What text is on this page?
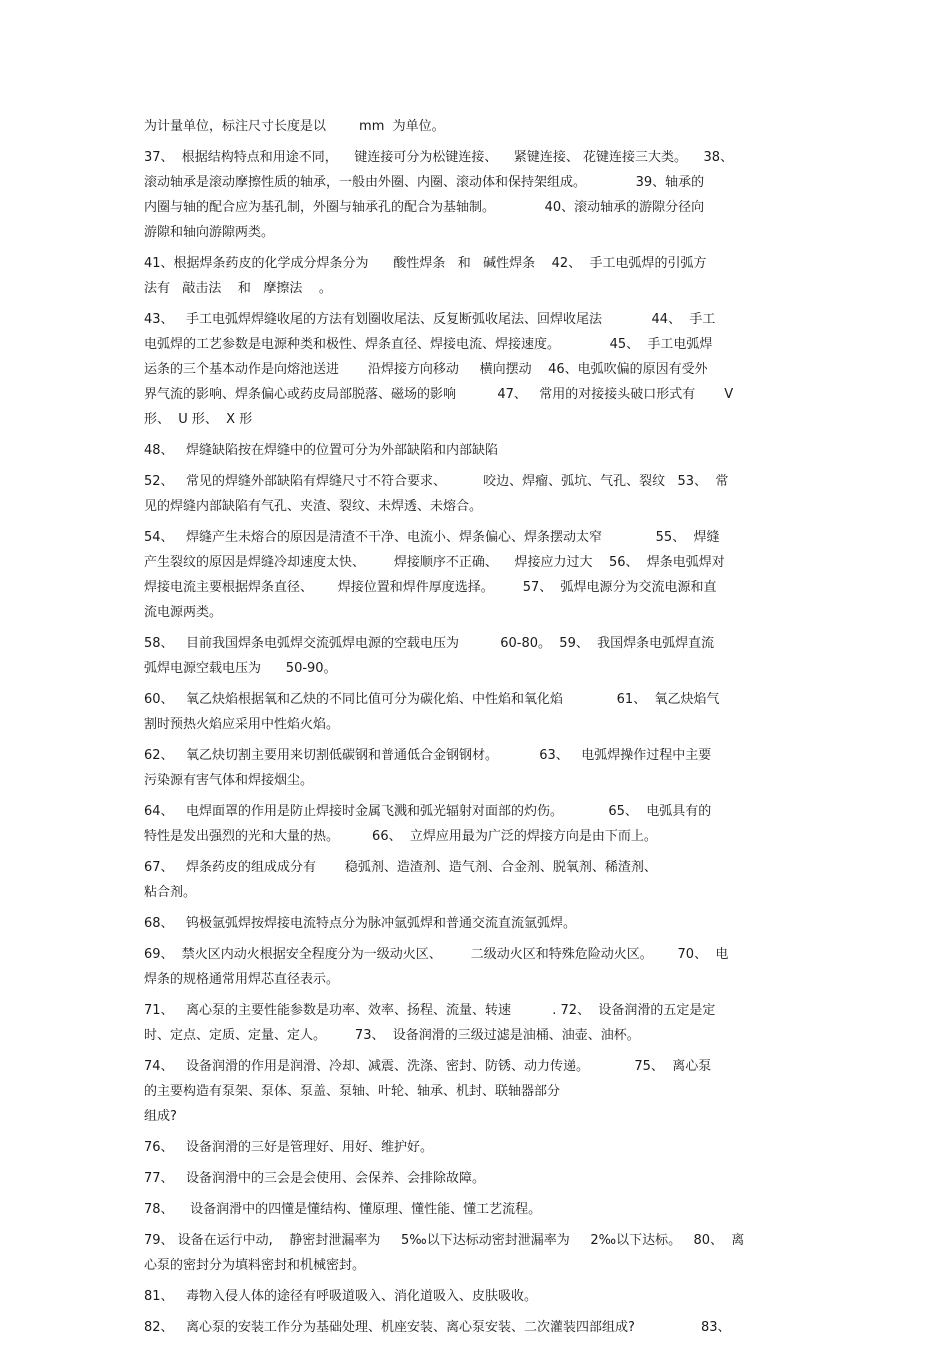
为计量单位，标注尺寸长度是以        mm  为单位。
37、  根据结构特点和用途不同，    键连接可分为松键连接、    紧键连接、 花键连接三大类。    38、
滚动轴承是滚动摩擦性质的轴承，一般由外圈、内圈、滚动体和保持架组成。            39、轴承的
内圈与轴的配合应为基孔制，外圈与轴承孔的配合为基轴制。            40、滚动轴承的游隙分径向
游隙和轴向游隙两类。
41、根据焊条药皮的化学成分焊条分为      酸性焊条   和   碱性焊条    42、  手工电弧焊的引弧方
法有   敲击法    和   摩擦法    。
43、   手工电弧焊焊缝收尾的方法有划圈收尾法、反复断弧收尾法、回焊收尾法            44、  手工
电弧焊的工艺参数是电源种类和极性、焊条直径、焊接电流、焊接速度。            45、  手工电弧焊
运条的三个基本动作是向熔池送进       沿焊接方向移动     横向摆动    46、电弧吹偏的原因有受外
界气流的影响、焊条偏心或药皮局部脱落、磁场的影响          47、   常用的对接接头破口形式有       V
形、  U 形、  X 形
48、   焊缝缺陷按在焊缝中的位置可分为外部缺陷和内部缺陷
52、   常见的焊缝外部缺陷有焊缝尺寸不符合要求、         咬边、焊瘤、弧坑、气孔、裂纹   53、  常
见的焊缝内部缺陷有气孔、夹渣、裂纹、未焊透、未熔合。
54、   焊缝产生未熔合的原因是清渣不干净、电流小、焊条偏心、焊条摆动太窄             55、  焊缝
产生裂纹的原因是焊缝冷却速度太快、       焊接顺序不正确、    焊接应力过大    56、  焊条电弧焊对
焊接电流主要根据焊条直径、      焊接位置和焊件厚度选择。       57、  弧焊电源分为交流电源和直
流电源两类。
58、   目前我国焊条电弧焊交流弧焊电源的空载电压为          60-80。  59、  我国焊条电弧焊直流
弧焊电源空载电压为      50-90。
60、   氧乙炔焰根据氧和乙炔的不同比值可分为碳化焰、中性焰和氧化焰             61、  氧乙炔焰气
割时预热火焰应采用中性焰火焰。
62、   氧乙炔切割主要用来切割低碳钢和普通低合金钢钢材。          63、   电弧焊操作过程中主要
污染源有害气体和焊接烟尘。
64、   电焊面罩的作用是防止焊接时金属飞溅和弧光辐射对面部的灼伤。           65、  电弧具有的
特性是发出强烈的光和大量的热。        66、  立焊应用最为广泛的焊接方向是由下而上。
67、   焊条药皮的组成成分有       稳弧剂、造渣剂、造气剂、合金剂、脱氧剂、稀渣剂、
粘合剂。
68、   钨极氩弧焊按焊接电流特点分为脉冲氩弧焊和普通交流直流氩弧焊。
69、  禁火区内动火根据安全程度分为一级动火区、       二级动火区和特殊危险动火区。      70、  电
焊条的规格通常用焊芯直径表示。
71、   离心泵的主要性能参数是功率、效率、扬程、流量、转速          . 72、  设备润滑的五定是定
时、定点、定质、定量、定人。       73、  设备润滑的三级过滤是油桶、油壶、油杯。
74、   设备润滑的作用是润滑、冷却、减震、洗涤、密封、防锈、动力传递。           75、  离心泵
的主要构造有泵架、泵体、泵盖、泵轴、叶轮、轴承、机封、联轴器部分
组成?
76、   设备润滑的三好是管理好、用好、维护好。
77、   设备润滑中的三会是会使用、会保养、会排除故障。
78、    设备润滑中的四懂是懂结构、懂原理、懂性能、懂工艺流程。
79、 设备在运行中动,    静密封泄漏率为     5‰以下达标动密封泄漏率为     2‰以下达标。   80、  离
心泵的密封分为填料密封和机械密封。
81、   毒物入侵人体的途径有呼吸道吸入、消化道吸入、皮肤吸收。
82、   离心泵的安装工作分为基础处理、机座安装、离心泵安装、二次灌装四部组成?                83、
